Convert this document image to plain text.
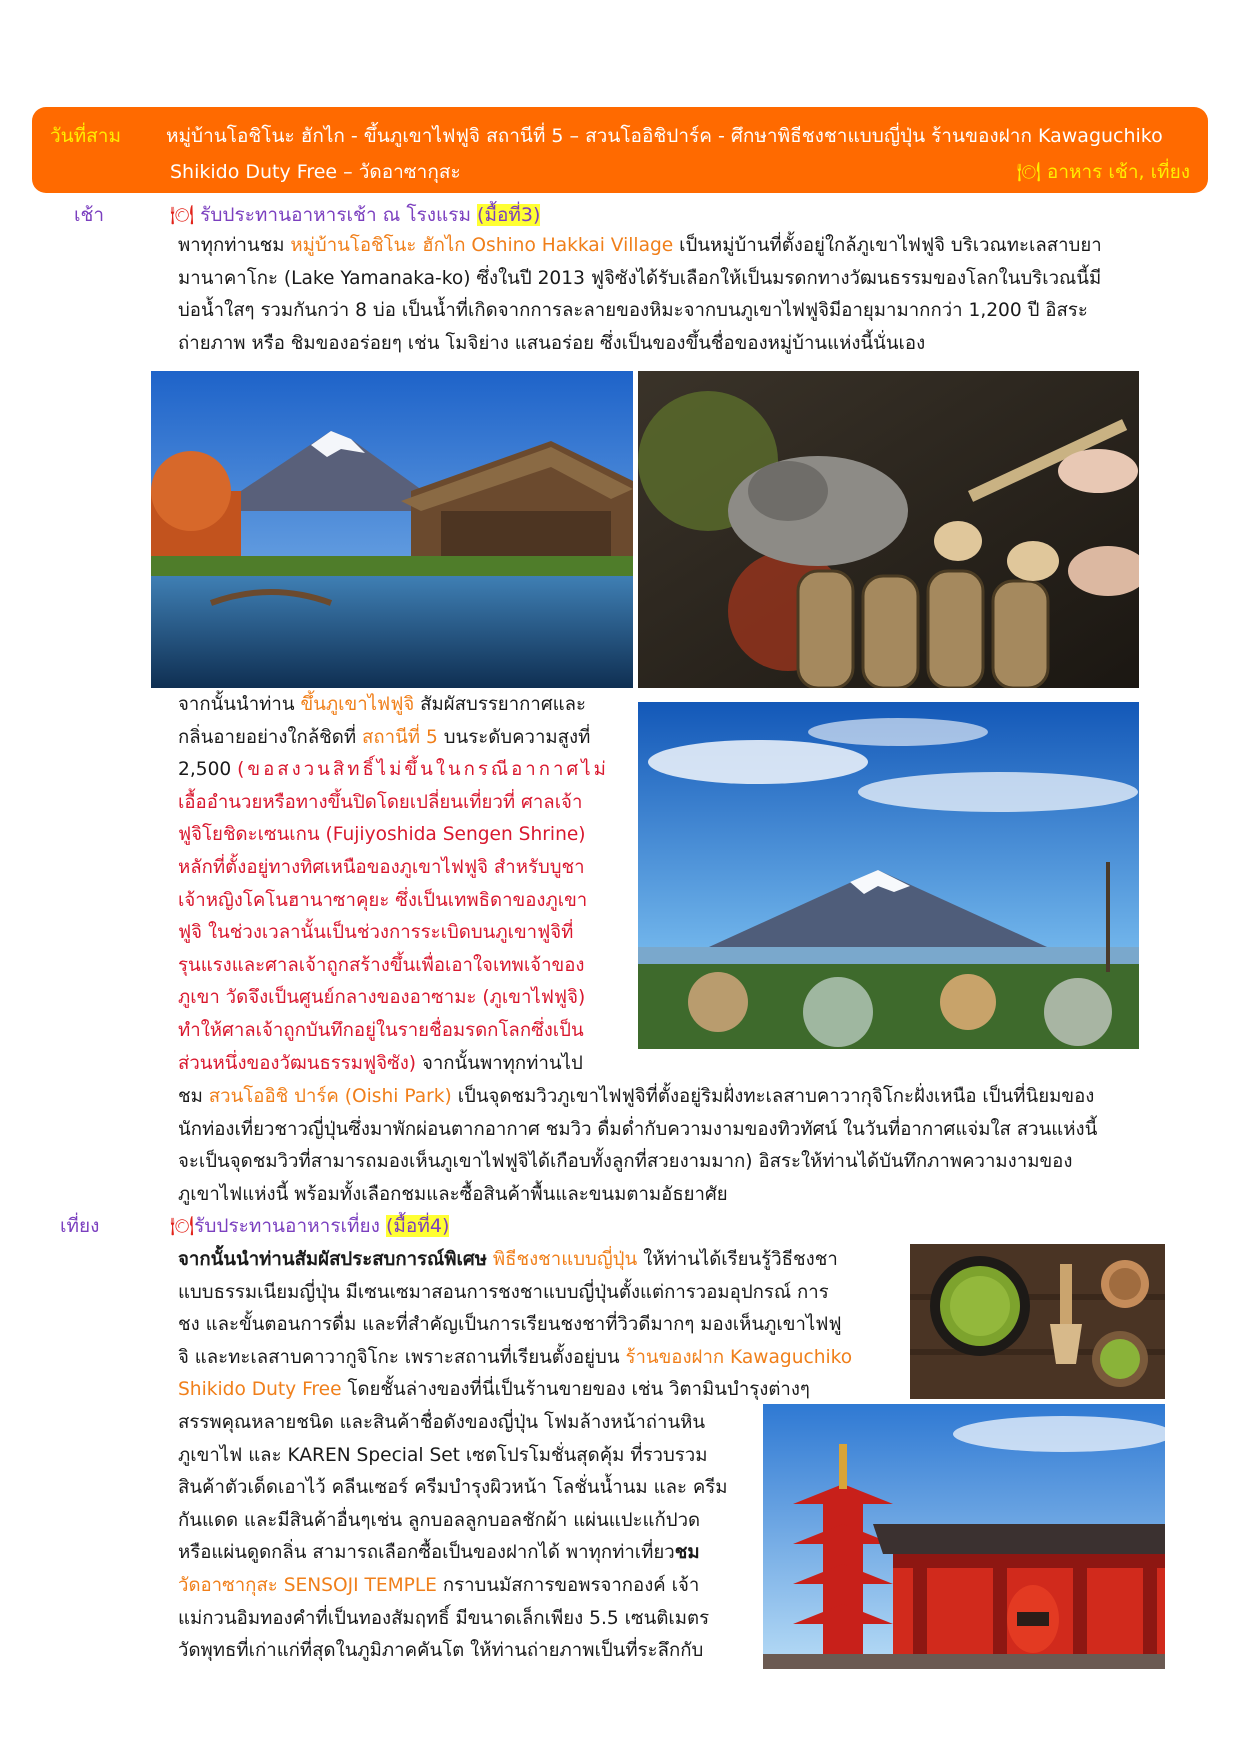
วันที่สาม หมู่บ้านโอชิโนะ ฮักไก - ขึ้นภูเขาไฟฟูจิ สถานีที่ 5 – สวนโออิชิปาร์ค - ศึกษาพิธีชงชาแบบญี่ปุ่น ร้านของฝาก Kawaguchiko
Shikido Duty Free – วัดอาซากุสะ	🍽 อาหาร เช้า, เที่ยง
เช้า	🍽 รับประทานอาหารเช้า ณ โรงแรม (มื้อที่3)

พาทุกท่านชม หมู่บ้านโอชิโนะ ฮักไก Oshino Hakkai Village เป็นหมู่บ้านที่ตั้งอยู่ใกล้ภูเขาไฟฟูจิ บริเวณทะเลสาบยา

มานาคาโกะ (Lake Yamanaka-ko) ซึ่งในปี 2013 ฟูจิซังได้รับเลือกให้เป็นมรดกทางวัฒนธรรมของโลกในบริเวณนี้มี

บ่อน้ำใสๆ รวมกันกว่า 8 บ่อ เป็นน้ำที่เกิดจากการละลายของหิมะจากบนภูเขาไฟฟูจิมีอายุมามากกว่า 1,200 ปี อิสระ

ถ่ายภาพ หรือ ชิมของอร่อยๆ เช่น โมจิย่าง แสนอร่อย ซึ่งเป็นของขึ้นชื่อของหมู่บ้านแห่งนี้นั่นเอง

จากนั้นนำท่าน ขึ้นภูเขาไฟฟูจิ สัมผัสบรรยากาศและ

กลิ่นอายอย่างใกล้ชิดที่ สถานีที่ 5 บนระดับความสูงที่

2,500 (ขอสงวนสิทธิ์ไม่ขึ้นในกรณีอากาศไม่

เอื้ออำนวยหรือทางขึ้นปิดโดยเปลี่ยนเที่ยวที่ ศาลเจ้า

ฟูจิโยชิดะเซนเกน (Fujiyoshida Sengen Shrine)

หลักที่ตั้งอยู่ทางทิศเหนือของภูเขาไฟฟูจิ สำหรับบูชา

เจ้าหญิงโคโนฮานาซาคุยะ ซึ่งเป็นเทพธิดาของภูเขา

ฟูจิ ในช่วงเวลานั้นเป็นช่วงการระเบิดบนภูเขาฟูจิที่

รุนแรงและศาลเจ้าถูกสร้างขึ้นเพื่อเอาใจเทพเจ้าของ

ภูเขา วัดจึงเป็นศูนย์กลางของอาซามะ (ภูเขาไฟฟูจิ)

ทำให้ศาลเจ้าถูกบันทึกอยู่ในรายชื่อมรดกโลกซึ่งเป็น

ส่วนหนึ่งของวัฒนธรรมฟูจิซัง) จากนั้นพาทุกท่านไป

ชม สวนโออิชิ ปาร์ค (Oishi Park) เป็นจุดชมวิวภูเขาไฟฟูจิที่ตั้งอยู่ริมฝั่งทะเลสาบคาวากุจิโกะฝั่งเหนือ เป็นที่นิยมของ

นักท่องเที่ยวชาวญี่ปุ่นซึ่งมาพักผ่อนตากอากาศ ชมวิว ดื่มด่ำกับความงามของทิวทัศน์ ในวันที่อากาศแจ่มใส สวนแห่งนี้

จะเป็นจุดชมวิวที่สามารถมองเห็นภูเขาไฟฟูจิได้เกือบทั้งลูกที่สวยงามมาก) อิสระให้ท่านได้บันทึกภาพความงามของ

ภูเขาไฟแห่งนี้ พร้อมทั้งเลือกชมและซื้อสินค้าพื้นและขนมตามอัธยาศัย

เที่ยง	🍽รับประทานอาหารเที่ยง (มื้อที่4)

จากนั้นนำท่านสัมผัสประสบการณ์พิเศษ พิธีชงชาแบบญี่ปุ่น ให้ท่านได้เรียนรู้วิธีชงชา

แบบธรรมเนียมญี่ปุ่น มีเซนเซมาสอนการชงชาแบบญี่ปุ่นตั้งแต่การวอมอุปกรณ์ การ

ชง และขั้นตอนการดื่ม และที่สำคัญเป็นการเรียนชงชาที่วิวดีมากๆ มองเห็นภูเขาไฟฟู

จิ และทะเลสาบคาวากูจิโกะ เพราะสถานที่เรียนตั้งอยู่บน ร้านของฝาก Kawaguchiko

Shikido Duty Free โดยชั้นล่างของที่นี่เป็นร้านขายของ เช่น วิตามินบำรุงต่างๆ

สรรพคุณหลายชนิด และสินค้าชื่อดังของญี่ปุ่น โฟมล้างหน้าถ่านหิน

ภูเขาไฟ และ KAREN Special Set เซตโปรโมชั่นสุดคุ้ม ที่รวบรวม

สินค้าตัวเด็ดเอาไว้ คลีนเซอร์ ครีมบำรุงผิวหน้า โลชั่นน้ำนม และ ครีม

กันแดด และมีสินค้าอื่นๆเช่น ลูกบอลลูกบอลชักผ้า แผ่นแปะแก้ปวด

หรือแผ่นดูดกลิ่น สามารถเลือกซื้อเป็นของฝากได้ พาทุกท่าเที่ยวชม

วัดอาซากุสะ SENSOJI TEMPLE กราบนมัสการขอพรจากองค์ เจ้า

แม่กวนอิมทองคำที่เป็นทองสัมฤทธิ์ มีขนาดเล็กเพียง 5.5 เซนติเมตร

วัดพุทธที่เก่าแก่ที่สุดในภูมิภาคคันโต ให้ท่านถ่ายภาพเป็นที่ระลึกกับ
